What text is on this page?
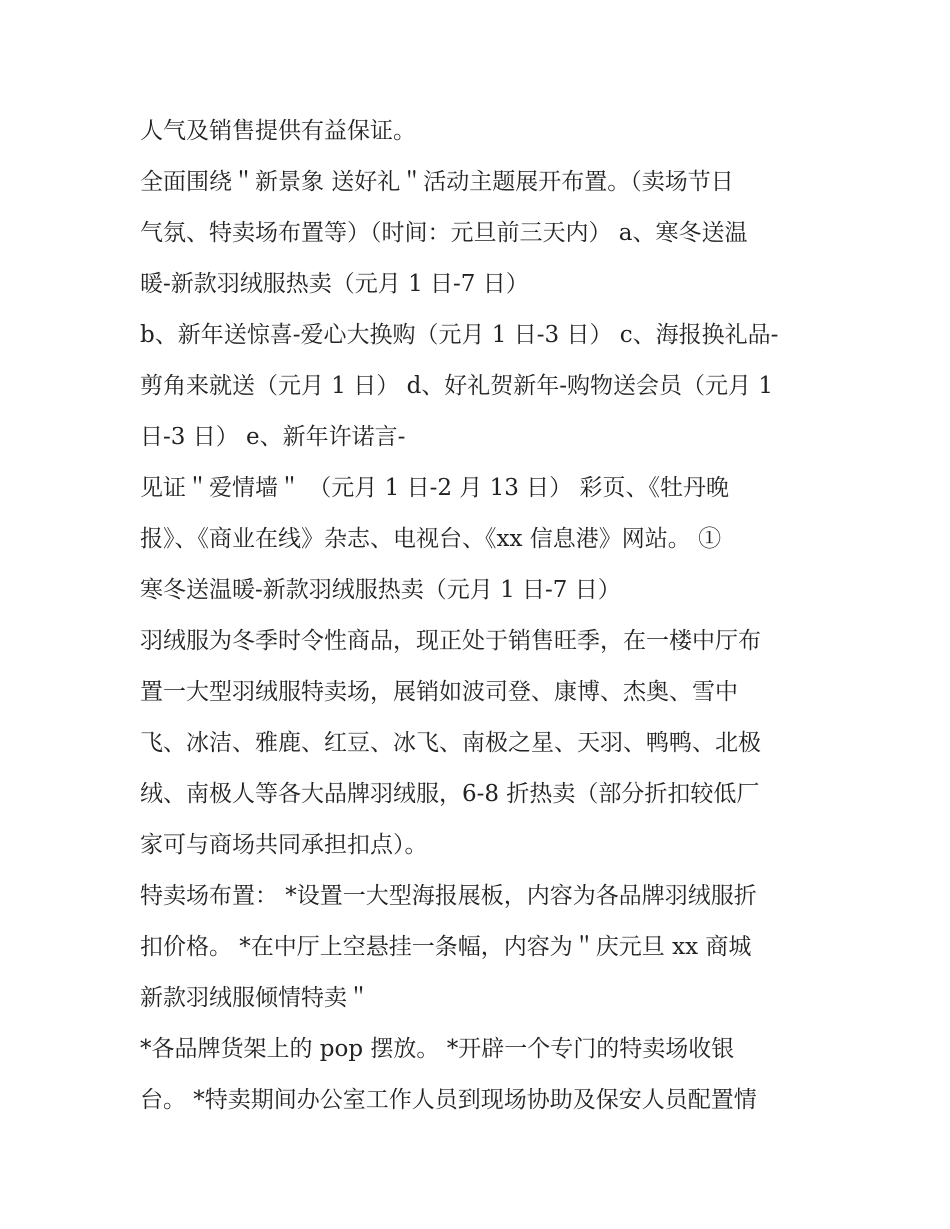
人气及销售提供有益保证。
全面围绕＂新景象 送好礼＂活动主题展开布置。（卖场节日
气氛、特卖场布置等）（时间：元旦前三天内） a、寒冬送温
暖-新款羽绒服热卖（元月 1 日-7 日）
b、新年送惊喜-爱心大换购（元月 1 日-3 日） c、海报换礼品-
剪角来就送（元月 1 日） d、好礼贺新年-购物送会员（元月 1
日-3 日） e、新年许诺言-
见证＂爱情墙＂ （元月 1 日-2 月 13 日） 彩页、《牡丹晚
报》、《商业在线》杂志、电视台、《xx 信息港》网站。 ①
寒冬送温暖-新款羽绒服热卖（元月 1 日-7 日）
羽绒服为冬季时令性商品，现正处于销售旺季，在一楼中厅布
置一大型羽绒服特卖场，展销如波司登、康博、杰奥、雪中
飞、冰洁、雅鹿、红豆、冰飞、南极之星、天羽、鸭鸭、北极
绒、南极人等各大品牌羽绒服，6-8 折热卖（部分折扣较低厂
家可与商场共同承担扣点）。
特卖场布置： *设置一大型海报展板，内容为各品牌羽绒服折
扣价格。 *在中厅上空悬挂一条幅，内容为＂庆元旦 xx 商城
新款羽绒服倾情特卖＂
*各品牌货架上的 pop 摆放。 *开辟一个专门的特卖场收银
台。 *特卖期间办公室工作人员到现场协助及保安人员配置情
